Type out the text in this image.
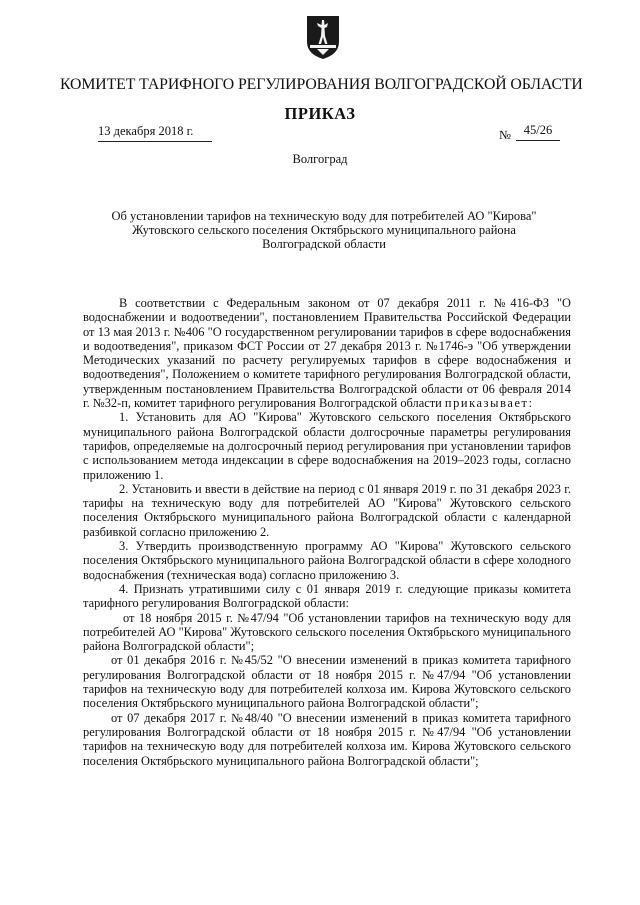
КОМИТЕТ ТАРИФНОГО РЕГУЛИРОВАНИЯ ВОЛГОГРАДСКОЙ ОБЛАСТИ
ПРИКАЗ
13 декабря 2018 г.	№	45/26
Волгоград
Об установлении тарифов на техническую воду для потребителей АО "Кирова" Жутовского сельского поселения Октябрьского муниципального района Волгоградской области

В соответствии с Федеральным законом от 07 декабря 2011 г. №416-ФЗ "О водоснабжении и водоотведении", постановлением Правительства Российской Федерации от 13 мая 2013 г. №406 "О государственном регулировании тарифов в сфере водоснабжения и водоотведения", приказом ФСТ России от 27 декабря 2013 г. №1746-э "Об утверждении Методических указаний по расчету регулируемых тарифов в сфере водоснабжения и водоотведения", Положением о комитете тарифного регулирования Волгоградской области, утвержденным постановлением Правительства Волгоградской области от 06 февраля 2014 г. №32-п, комитет тарифного регулирования Волгоградской области приказывает:

1. Установить для АО "Кирова" Жутовского сельского поселения Октябрьского муниципального района Волгоградской области долгосрочные параметры регулирования тарифов, определяемые на долгосрочный период регулирования при установлении тарифов с использованием метода индексации в сфере водоснабжения на 2019–2023 годы, согласно приложению 1.

2. Установить и ввести в действие на период с 01 января 2019 г. по 31 декабря 2023 г. тарифы на техническую воду для потребителей АО "Кирова" Жутовского сельского поселения Октябрьского муниципального района Волгоградской области с календарной разбивкой согласно приложению 2.

3. Утвердить производственную программу АО "Кирова" Жутовского сельского поселения Октябрьского муниципального района Волгоградской области в сфере холодного водоснабжения (техническая вода) согласно приложению 3.

4. Признать утратившими силу с 01 января 2019 г. следующие приказы комитета тарифного регулирования Волгоградской области:

от 18 ноября 2015 г. №47/94 "Об установлении тарифов на техническую воду для потребителей АО "Кирова" Жутовского сельского поселения Октябрьского муниципального района Волгоградской области";

от 01 декабря 2016 г. №45/52 "О внесении изменений в приказ комитета тарифного регулирования Волгоградской области от 18 ноября 2015 г. №47/94 "Об установлении тарифов на техническую воду для потребителей колхоза им. Кирова Жутовского сельского поселения Октябрьского муниципального района Волгоградской области";

от 07 декабря 2017 г. №48/40 "О внесении изменений в приказ комитета тарифного регулирования Волгоградской области от 18 ноября 2015 г. №47/94 "Об установлении тарифов на техническую воду для потребителей колхоза им. Кирова Жутовского сельского поселения Октябрьского муниципального района Волгоградской области";
